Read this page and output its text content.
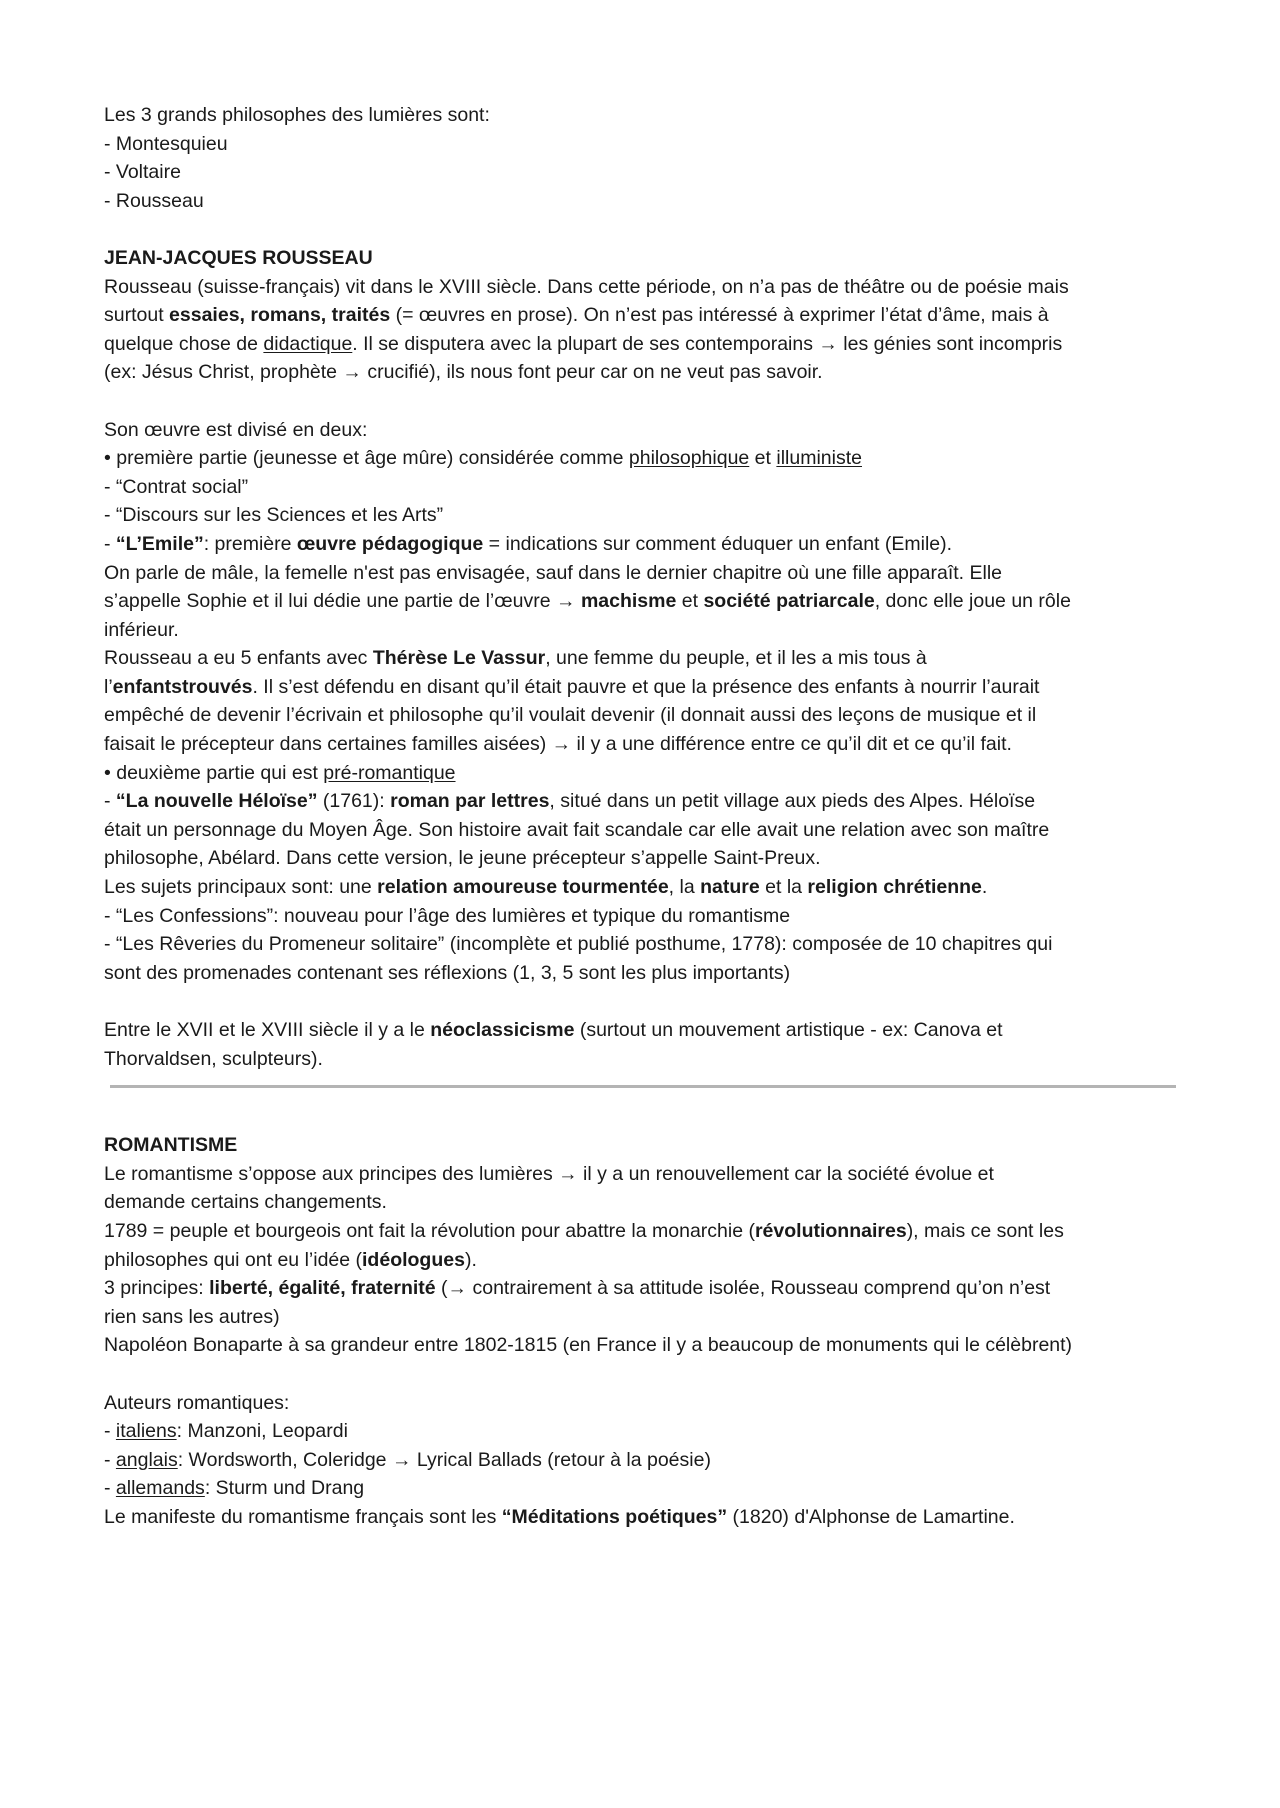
Les 3 grands philosophes des lumières sont:
- Montesquieu
- Voltaire
- Rousseau
JEAN-JACQUES ROUSSEAU
Rousseau (suisse-français) vit dans le XVIII siècle. Dans cette période, on n’a pas de théâtre ou de poésie mais
surtout essaies, romans, traités (= œuvres en prose). On n’est pas intéressé à exprimer l’état d’âme, mais à
quelque chose de didactique. Il se disputera avec la plupart de ses contemporains → les génies sont incompris
(ex: Jésus Christ, prophète → crucifié), ils nous font peur car on ne veut pas savoir.
Son œuvre est divisé en deux:
• première partie (jeunesse et âge mûre) considérée comme philosophique et illuministe
- “Contrat social”
- “Discours sur les Sciences et les Arts”
- “L’Emile”: première œuvre pédagogique = indications sur comment éduquer un enfant (Emile).
On parle de mâle, la femelle n'est pas envisagée, sauf dans le dernier chapitre où une fille apparaît. Elle
s’appelle Sophie et il lui dédie une partie de l’œuvre → machisme et société patriarcale, donc elle joue un rôle
inférieur.
Rousseau a eu 5 enfants avec Thérèse Le Vassur, une femme du peuple, et il les a mis tous à
l’enfantstrouvés. Il s’est défendu en disant qu’il était pauvre et que la présence des enfants à nourrir l’aurait
empêché de devenir l’écrivain et philosophe qu’il voulait devenir (il donnait aussi des leçons de musique et il
faisait le précepteur dans certaines familles aisées) → il y a une différence entre ce qu’il dit et ce qu’il fait.
• deuxième partie qui est pré-romantique
- “La nouvelle Héloïse” (1761): roman par lettres, situé dans un petit village aux pieds des Alpes. Héloïse
était un personnage du Moyen Âge. Son histoire avait fait scandale car elle avait une relation avec son maître
philosophe, Abélard. Dans cette version, le jeune précepteur s’appelle Saint-Preux.
Les sujets principaux sont: une relation amoureuse tourmentée, la nature et la religion chrétienne.
- “Les Confessions”: nouveau pour l’âge des lumières et typique du romantisme
- “Les Rêveries du Promeneur solitaire” (incomplète et publié posthume, 1778): composée de 10 chapitres qui
sont des promenades contenant ses réflexions (1, 3, 5 sont les plus importants)
Entre le XVII et le XVIII siècle il y a le néoclassicisme (surtout un mouvement artistique - ex: Canova et
Thorvaldsen, sculpteurs).
ROMANTISME
Le romantisme s’oppose aux principes des lumières → il y a un renouvellement car la société évolue et
demande certains changements.
1789 = peuple et bourgeois ont fait la révolution pour abattre la monarchie (révolutionnaires), mais ce sont les
philosophes qui ont eu l’idée (idéologues).
3 principes: liberté, égalité, fraternité (→ contrairement à sa attitude isolée, Rousseau comprend qu’on n’est
rien sans les autres)
Napoléon Bonaparte à sa grandeur entre 1802-1815 (en France il y a beaucoup de monuments qui le célèbrent)
Auteurs romantiques:
- italiens: Manzoni, Leopardi
- anglais: Wordsworth, Coleridge → Lyrical Ballads (retour à la poésie)
- allemands: Sturm und Drang
Le manifeste du romantisme français sont les “Méditations poétiques” (1820) d'Alphonse de Lamartine.
